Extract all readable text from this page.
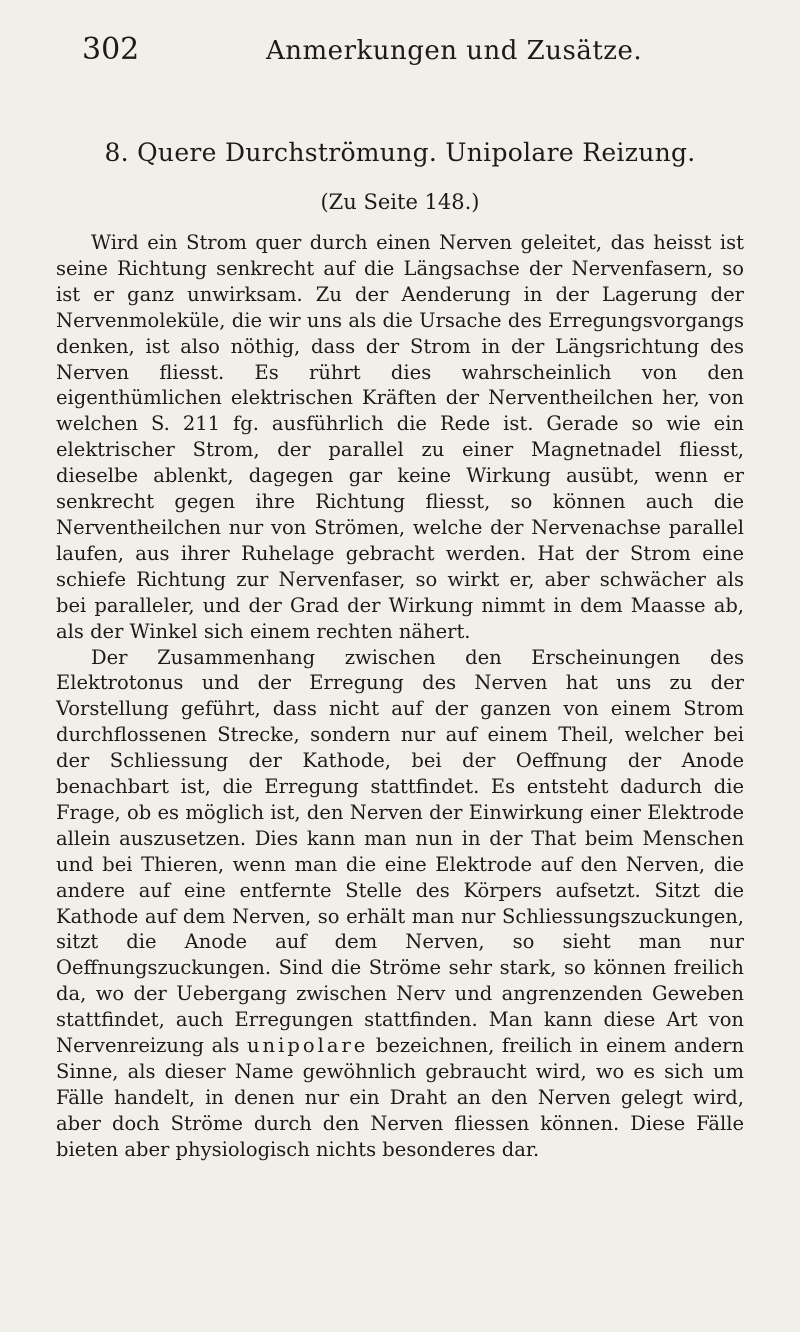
302	Anmerkungen und Zusätze.
8. Quere Durchströmung. Unipolare Reizung.

(Zu Seite 148.)

Wird ein Strom quer durch einen Nerven geleitet, das heisst ist seine Richtung senkrecht auf die Längsachse der Nervenfasern, so ist er ganz unwirksam. Zu der Aenderung in der Lagerung der Nervenmoleküle, die wir uns als die Ursache des Erregungsvorgangs denken, ist also nöthig, dass der Strom in der Längsrichtung des Nerven fliesst. Es rührt dies wahrscheinlich von den eigenthümlichen elektrischen Kräften der Nerventheilchen her, von welchen S. 211 fg. ausführlich die Rede ist. Gerade so wie ein elektrischer Strom, der parallel zu einer Magnetnadel fliesst, dieselbe ablenkt, dagegen gar keine Wirkung ausübt, wenn er senkrecht gegen ihre Richtung fliesst, so können auch die Nerventheilchen nur von Strömen, welche der Nervenachse parallel laufen, aus ihrer Ruhelage gebracht werden. Hat der Strom eine schiefe Richtung zur Nervenfaser, so wirkt er, aber schwächer als bei paralleler, und der Grad der Wirkung nimmt in dem Maasse ab, als der Winkel sich einem rechten nähert.

Der Zusammenhang zwischen den Erscheinungen des Elektrotonus und der Erregung des Nerven hat uns zu der Vorstellung geführt, dass nicht auf der ganzen von einem Strom durchflossenen Strecke, sondern nur auf einem Theil, welcher bei der Schliessung der Kathode, bei der Oeffnung der Anode benachbart ist, die Erregung stattfindet. Es entsteht dadurch die Frage, ob es möglich ist, den Nerven der Einwirkung einer Elektrode allein auszusetzen. Dies kann man nun in der That beim Menschen und bei Thieren, wenn man die eine Elektrode auf den Nerven, die andere auf eine entfernte Stelle des Körpers aufsetzt. Sitzt die Kathode auf dem Nerven, so erhält man nur Schliessungszuckungen, sitzt die Anode auf dem Nerven, so sieht man nur Oeffnungszuckungen. Sind die Ströme sehr stark, so können freilich da, wo der Uebergang zwischen Nerv und angrenzenden Geweben stattfindet, auch Erregungen stattfinden. Man kann diese Art von Nervenreizung als unipolare bezeichnen, freilich in einem andern Sinne, als dieser Name gewöhnlich gebraucht wird, wo es sich um Fälle handelt, in denen nur ein Draht an den Nerven gelegt wird, aber doch Ströme durch den Nerven fliessen können. Diese Fälle bieten aber physiologisch nichts besonderes dar.
